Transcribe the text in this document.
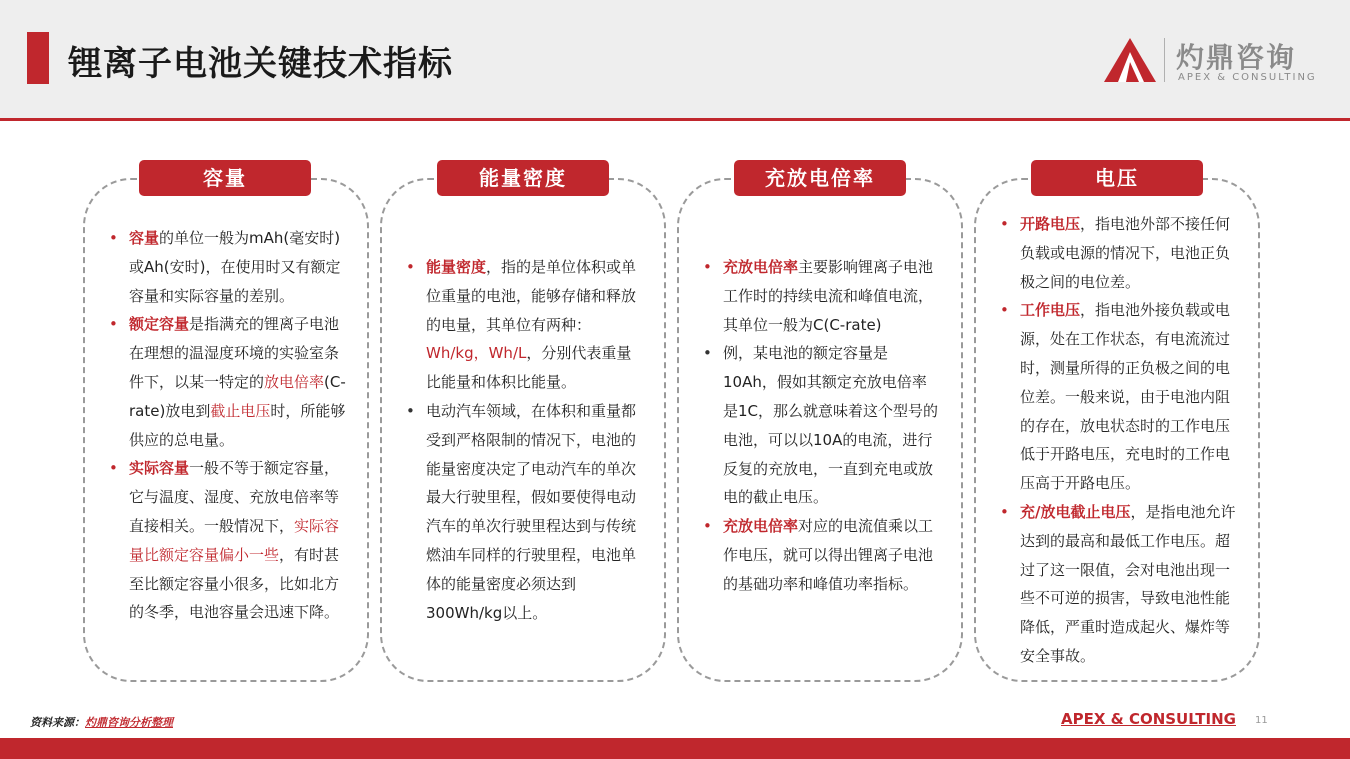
锂离子电池关键技术指标	灼鼎咨询
APEX & CONSULTING
• 容量的单位一般为mAh(毫安时)或Ah(安时)，在使用时又有额定容量和实际容量的差别。
• 额定容量是指满充的锂离子电池在理想的温湿度环境的实验室条件下，以某一特定的放电倍率(C-rate)放电到截止电压时，所能够供应的总电量。
• 实际容量一般不等于额定容量，它与温度、湿度、充放电倍率等直接相关。一般情况下，实际容量比额定容量偏小一些，有时甚至比额定容量小很多，比如北方的冬季，电池容量会迅速下降。
容量
• 能量密度，指的是单位体积或单位重量的电池，能够存储和释放的电量，其单位有两种：Wh/kg，Wh/L，分别代表重量比能量和体积比能量。
• 电动汽车领域，在体积和重量都受到严格限制的情况下，电池的能量密度决定了电动汽车的单次最大行驶里程，假如要使得电动汽车的单次行驶里程达到与传统燃油车同样的行驶里程，电池单体的能量密度必须达到300Wh/kg以上。
能量密度
• 充放电倍率主要影响锂离子电池工作时的持续电流和峰值电流，其单位一般为C(C-rate)
• 例，某电池的额定容量是10Ah，假如其额定充放电倍率是1C，那么就意味着这个型号的电池，可以以10A的电流，进行反复的充放电，一直到充电或放电的截止电压。
• 充放电倍率对应的电流值乘以工作电压，就可以得出锂离子电池的基础功率和峰值功率指标。
充放电倍率
• 开路电压，指电池外部不接任何负载或电源的情况下，电池正负极之间的电位差。
• 工作电压，指电池外接负载或电源，处在工作状态，有电流流过时，测量所得的正负极之间的电位差。一般来说，由于电池内阻的存在，放电状态时的工作电压低于开路电压，充电时的工作电压高于开路电压。
• 充/放电截止电压，是指电池允许达到的最高和最低工作电压。超过了这一限值，会对电池出现一些不可逆的损害，导致电池性能降低，严重时造成起火、爆炸等安全事故。
电压
资料来源：灼鼎咨询分析整理	APEX & CONSULTING 11
